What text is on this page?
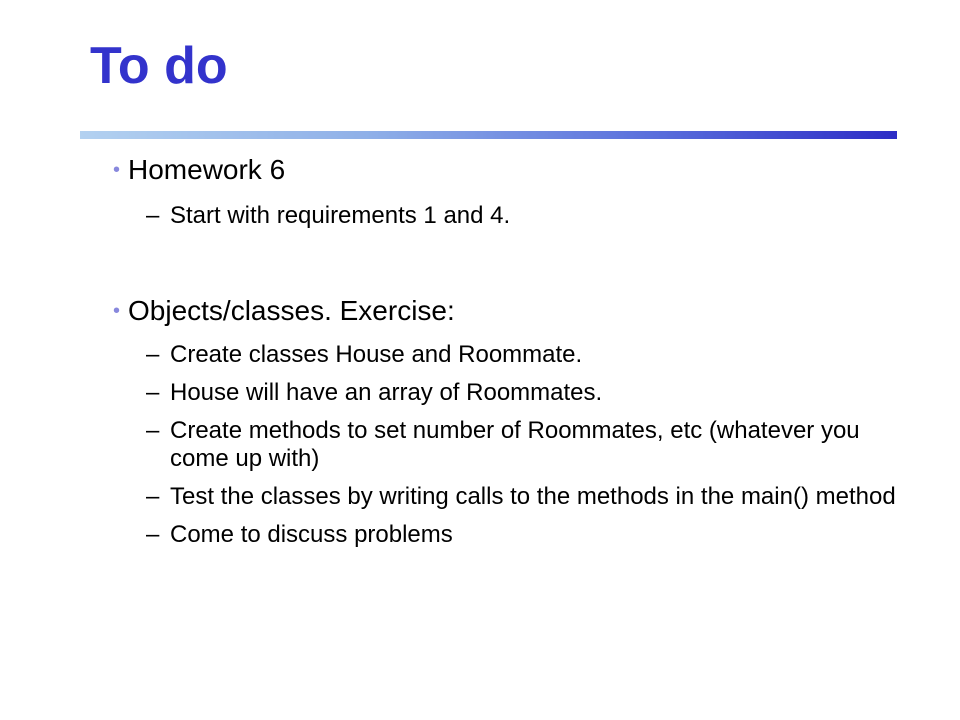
To do
• Homework 6
– Start with requirements 1 and 4.
• Objects/classes. Exercise:
– Create classes House and Roommate.
– House will have an array of Roommates.
– Create methods to set number of Roommates, etc (whatever you come up with)
– Test the classes by writing calls to the methods in the main() method
– Come to discuss problems
